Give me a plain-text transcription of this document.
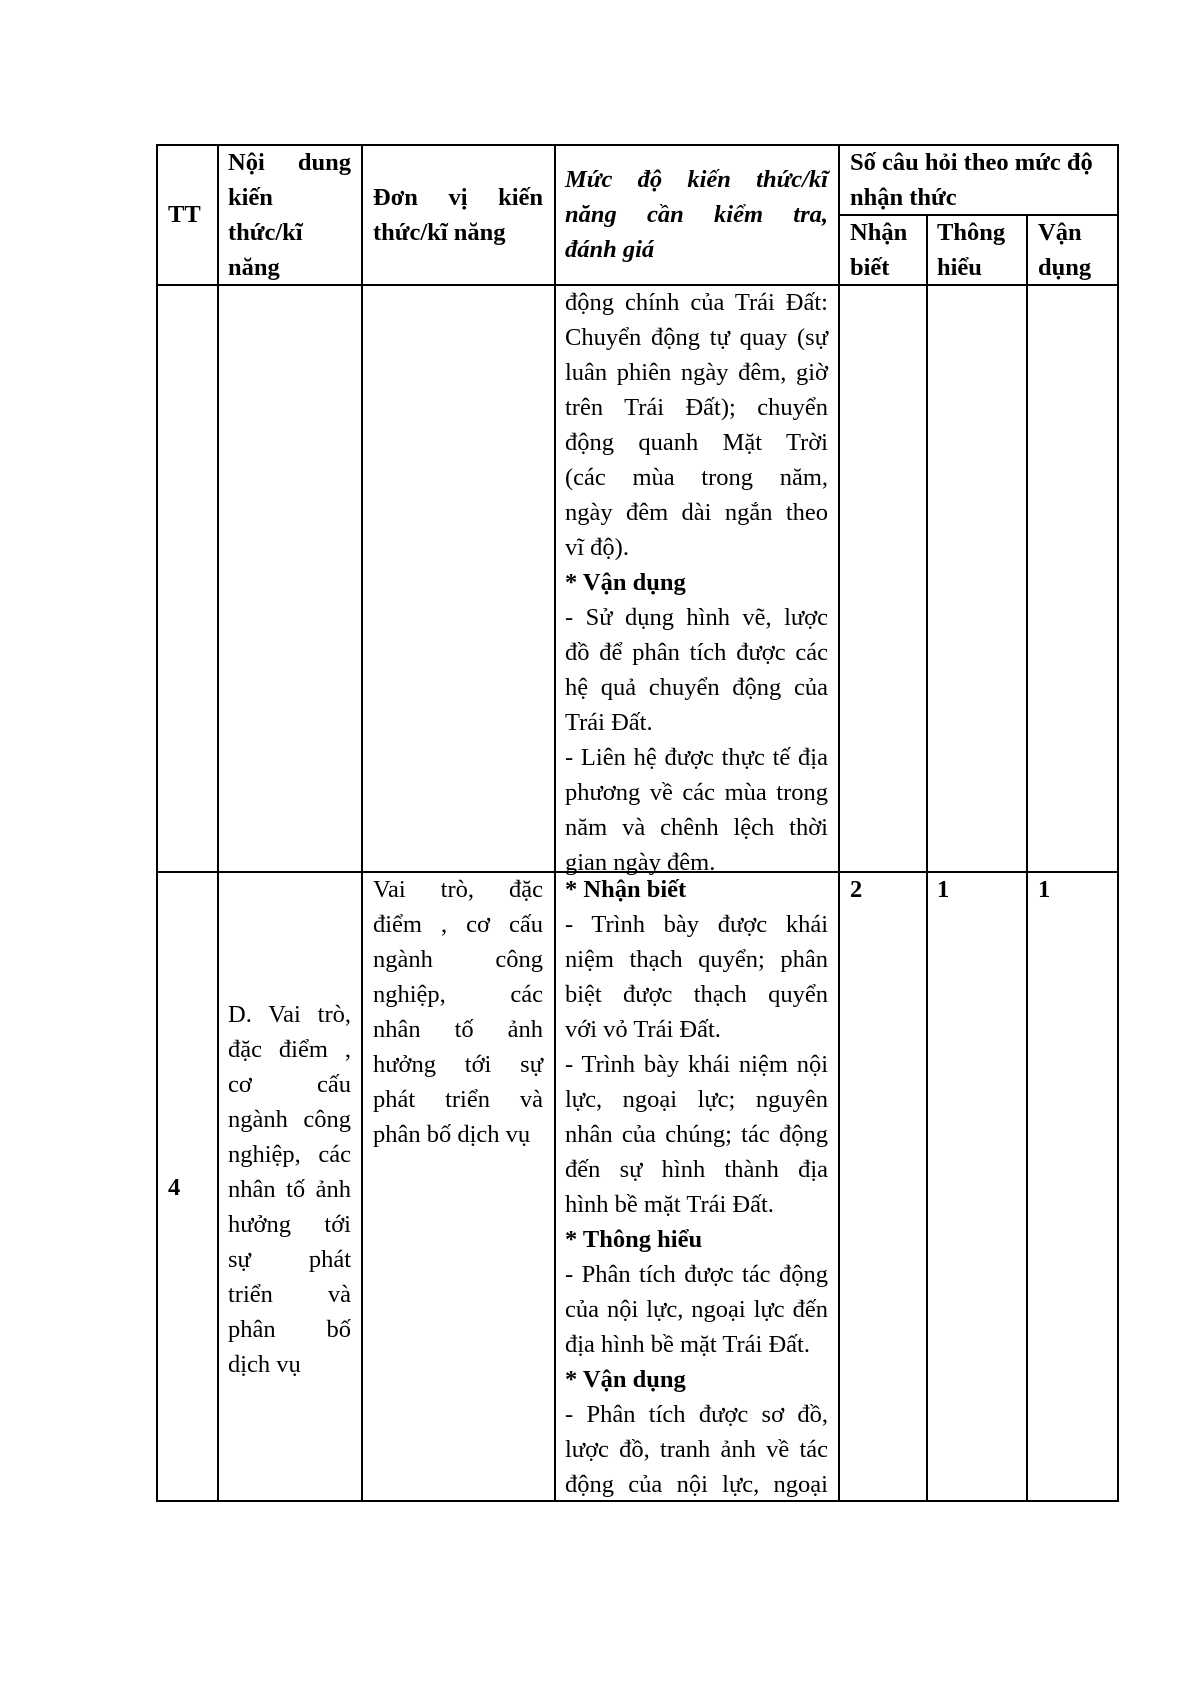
TT
Nội dung
kiến
thức/kĩ
năng
Đơn vị kiến
thức/kĩ năng
Mức độ kiến thức/kĩ
năng cần kiểm tra,
đánh giá
Số câu hỏi theo mức độ
nhận thức
Nhận
biết
Thông
hiểu
Vận
dụng
động chính của Trái Đất:
Chuyển động tự quay (sự
luân phiên ngày đêm, giờ
trên Trái Đất); chuyển
động quanh Mặt Trời
(các mùa trong năm,
ngày đêm dài ngắn theo
vĩ độ).
* Vận dụng
- Sử dụng hình vẽ, lược
đồ để phân tích được các
hệ quả chuyển động của
Trái Đất.
- Liên hệ được thực tế địa
phương về các mùa trong
năm và chênh lệch thời
gian ngày đêm.
4
D. Vai trò,
đặc điểm ,
cơ cấu
ngành công
nghiệp, các
nhân tố ảnh
hưởng tới
sự phát
triển và
phân bố
dịch vụ
Vai trò, đặc
điểm , cơ cấu
ngành công
nghiệp, các
nhân tố ảnh
hưởng tới sự
phát triển và
phân bố dịch vụ
* Nhận biết
- Trình bày được khái
niệm thạch quyển; phân
biệt được thạch quyển
với vỏ Trái Đất.
- Trình bày khái niệm nội
lực, ngoại lực; nguyên
nhân của chúng; tác động
đến sự hình thành địa
hình bề mặt Trái Đất.
* Thông hiểu
- Phân tích được tác động
của nội lực, ngoại lực đến
địa hình bề mặt Trái Đất.
* Vận dụng
- Phân tích được sơ đồ,
lược đồ, tranh ảnh về tác
động của nội lực, ngoại
2	1	1
